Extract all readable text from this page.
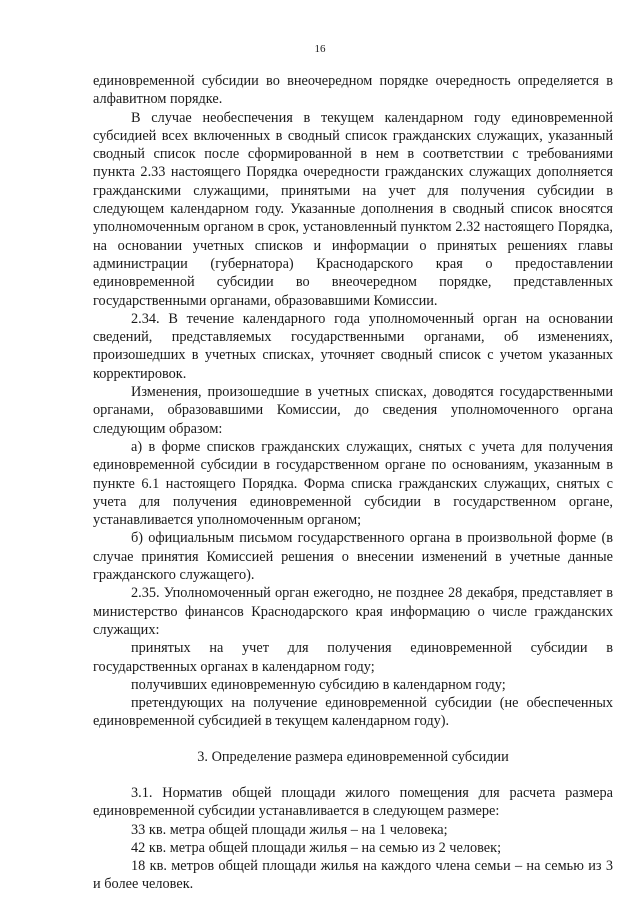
16

единовременной субсидии во внеочередном порядке очередность определяется в алфавитном порядке.

В случае необеспечения в текущем календарном году единовременной субсидией всех включенных в сводный список гражданских служащих, указанный сводный список после сформированной в нем в соответствии с требованиями пункта 2.33 настоящего Порядка очередности гражданских служащих дополняется гражданскими служащими, принятыми на учет для получения субсидии в следующем календарном году. Указанные дополнения в сводный список вносятся уполномоченным органом в срок, установленный пунктом 2.32 настоящего Порядка, на основании учетных списков и информации о принятых решениях главы администрации (губернатора) Краснодарского края о предоставлении единовременной субсидии во внеочередном порядке, представленных государственными органами, образовавшими Комиссии.

2.34. В течение календарного года уполномоченный орган на основании сведений, представляемых государственными органами, об изменениях, произошедших в учетных списках, уточняет сводный список с учетом указанных корректировок.

Изменения, произошедшие в учетных списках, доводятся государственными органами, образовавшими Комиссии, до сведения уполномоченного органа следующим образом:

а) в форме списков гражданских служащих, снятых с учета для получения единовременной субсидии в государственном органе по основаниям, указанным в пункте 6.1 настоящего Порядка. Форма списка гражданских служащих, снятых с учета для получения единовременной субсидии в государственном органе, устанавливается уполномоченным органом;

б) официальным письмом государственного органа в произвольной форме (в случае принятия Комиссией решения о внесении изменений в учетные данные гражданского служащего).

2.35. Уполномоченный орган ежегодно, не позднее 28 декабря, представляет в министерство финансов Краснодарского края информацию о числе гражданских служащих:

принятых на учет для получения единовременной субсидии в государственных органах в календарном году;

получивших единовременную субсидию в календарном году;

претендующих на получение единовременной субсидии (не обеспеченных единовременной субсидией в текущем календарном году).

3. Определение размера единовременной субсидии

3.1. Норматив общей площади жилого помещения для расчета размера единовременной субсидии устанавливается в следующем размере:

33 кв. метра общей площади жилья – на 1 человека;

42 кв. метра общей площади жилья – на семью из 2 человек;

18 кв. метров общей площади жилья на каждого члена семьи – на семью из 3 и более человек.
